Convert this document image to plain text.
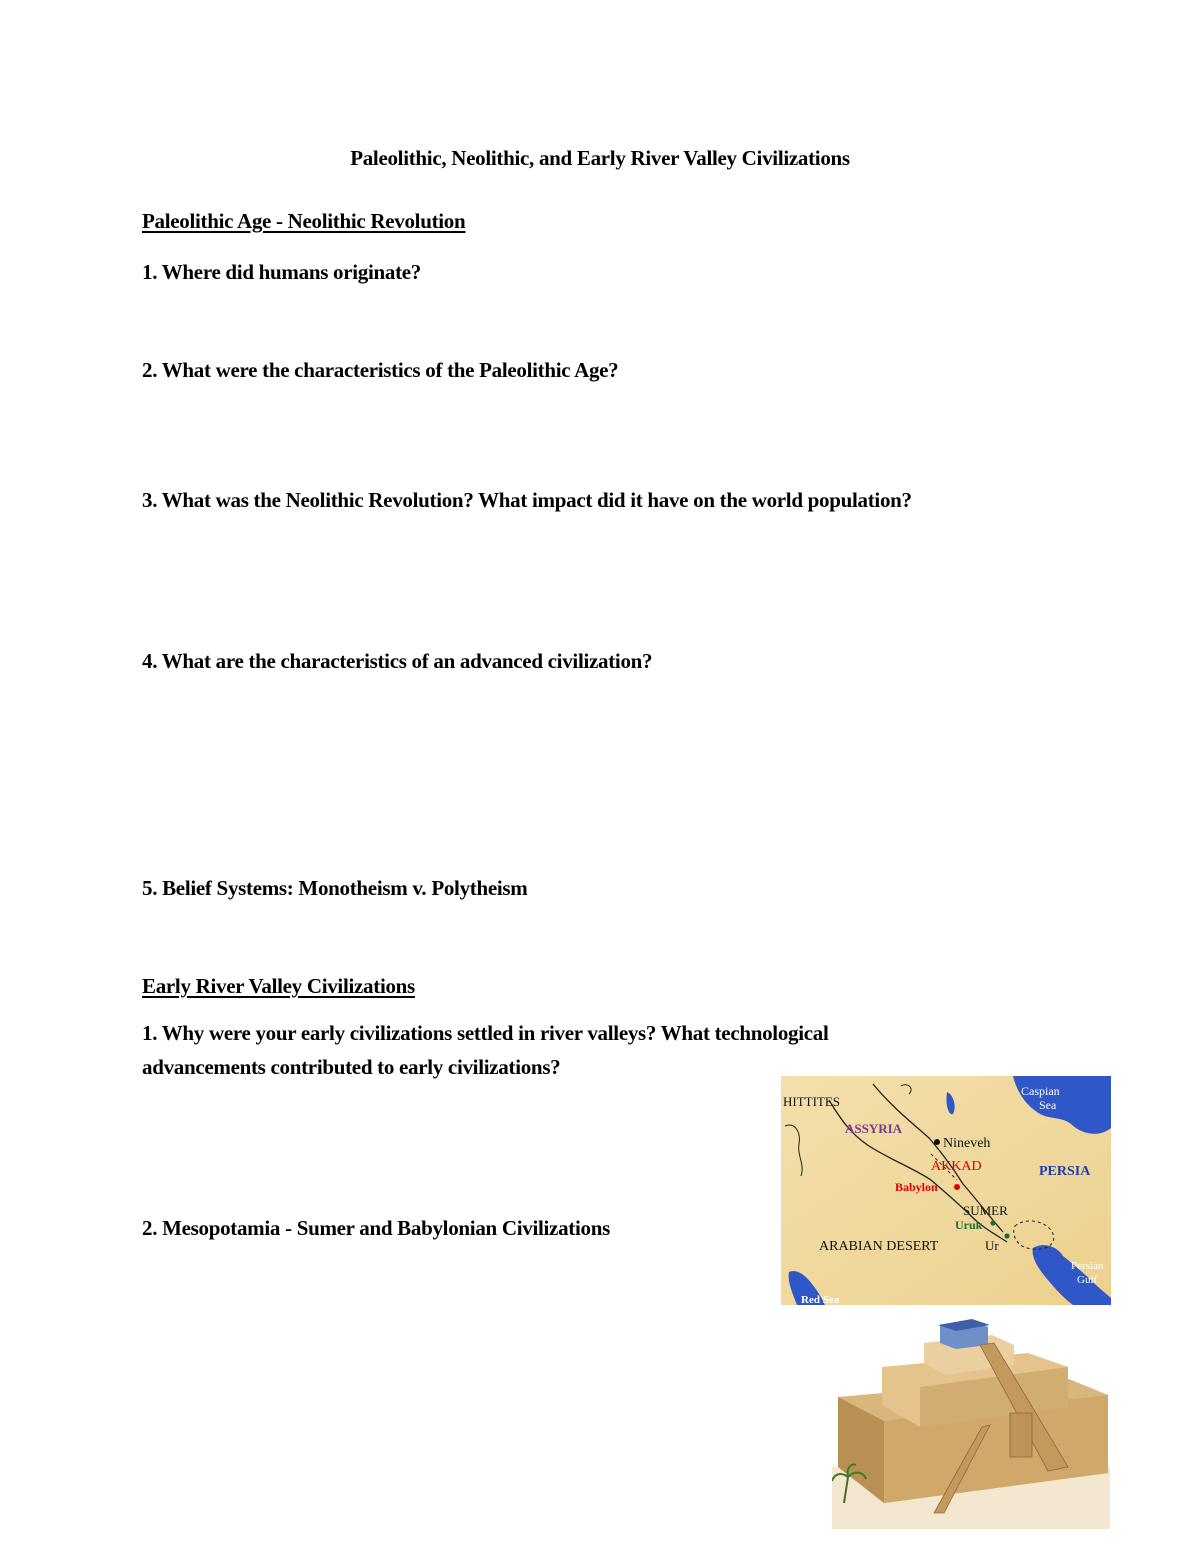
Paleolithic, Neolithic, and Early River Valley Civilizations

Paleolithic Age - Neolithic Revolution

1. Where did humans originate?

2. What were the characteristics of the Paleolithic Age?

3. What was the Neolithic Revolution? What impact did it have on the world population?

4. What are the characteristics of an advanced civilization?

5. Belief Systems: Monotheism v. Polytheism

Early River Valley Civilizations

1. Why were your early civilizations settled in river valleys? What technological

advancements contributed to early civilizations?

2. Mesopotamia - Sumer and Babylonian Civilizations

HITTITES
ASSYRIA
Nineveh
AKKAD
Babylon
SUMER
Uruk
Ur
PERSIA
ARABIAN DESERT
Caspian
Sea
Persian
Gulf
Red Sea
